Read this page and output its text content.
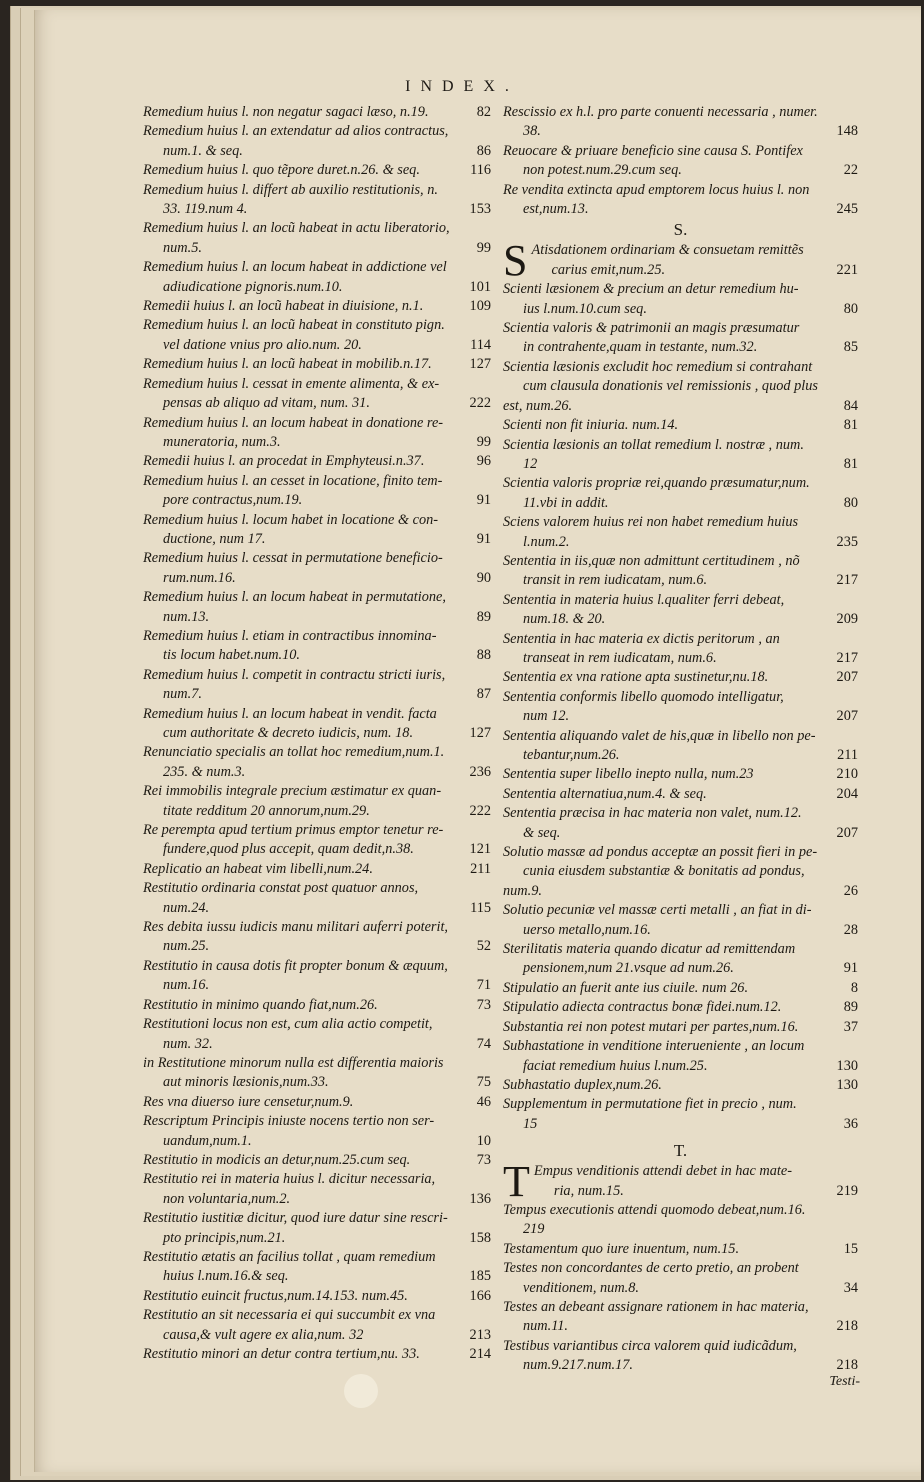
INDEX.
Remedium huius l. non negatur sagaci læso, n.19.	82
Remedium huius l. an extendatur ad alios contractus,
num.1. & seq.	86
Remedium huius l. quo tẽpore duret.n.26. & seq.	116
Remedium huius l. differt ab auxilio restitutionis, n.
33. 119.num 4.	153
Remedium huius l. an locũ habeat in actu liberatorio,
num.5.	99
Remedium huius l. an locum habeat in addictione vel
adiudicatione pignoris.num.10.	101
Remedii huius l. an locũ habeat in diuisione, n.1.	109
Remedium huius l. an locũ habeat in constituto pign.
vel datione vnius pro alio.num. 20.	114
Remedium huius l. an locũ habeat in mobilib.n.17.	127
Remedium huius l. cessat in emente alimenta, & ex-
pensas ab aliquo ad vitam, num. 31.	222
Remedium huius l. an locum habeat in donatione re-
muneratoria, num.3.	99
Remedii huius l. an procedat in Emphyteusi.n.37.	96
Remedium huius l. an cesset in locatione, finito tem-
pore contractus,num.19.	91
Remedium huius l. locum habet in locatione & con-
ductione, num 17.	91
Remedium huius l. cessat in permutatione beneficio-
rum.num.16.	90
Remedium huius l. an locum habeat in permutatione,
num.13.	89
Remedium huius l. etiam in contractibus innomina-
tis locum habet.num.10.	88
Remedium huius l. competit in contractu stricti iuris,
num.7.	87
Remedium huius l. an locum habeat in vendit. facta
cum authoritate & decreto iudicis, num. 18.	127
Renunciatio specialis an tollat hoc remedium,num.1.
235. & num.3.	236
Rei immobilis integrale precium æstimatur ex quan-
titate redditum 20 annorum,num.29.	222
Re perempta apud tertium primus emptor tenetur re-
fundere,quod plus accepit, quam dedit,n.38.	121
Replicatio an habeat vim libelli,num.24.	211
Restitutio ordinaria constat post quatuor annos,
num.24.	115
Res debita iussu iudicis manu militari auferri poterit,
num.25.	52
Restitutio in causa dotis fit propter bonum & æquum,
num.16.	71
Restitutio in minimo quando fiat,num.26.	73
Restitutioni locus non est, cum alia actio competit,
num. 32.	74
in Restitutione minorum nulla est differentia maioris
aut minoris læsionis,num.33.	75
Res vna diuerso iure censetur,num.9.	46
Rescriptum Principis iniuste nocens tertio non ser-
uandum,num.1.	10
Restitutio in modicis an detur,num.25.cum seq.	73
Restitutio rei in materia huius l. dicitur necessaria,
non voluntaria,num.2.	136
Restitutio iustitiæ dicitur, quod iure datur sine rescri-
pto principis,num.21.	158
Restitutio ætatis an facilius tollat , quam remedium
huius l.num.16.& seq.	185
Restitutio euincit fructus,num.14.153. num.45.	166
Restitutio an sit necessaria ei qui succumbit ex vna
causa,& vult agere ex alia,num. 32	213
Restitutio minori an detur contra tertium,nu. 33.	214
Rescissio ex h.l. pro parte conuenti necessaria , numer.
38.	148
Reuocare & priuare beneficio sine causa S. Pontifex
non potest.num.29.cum seq.	22
Re vendita extincta apud emptorem locus huius l. non
est,num.13.	245
S.
S Atisdationem ordinariam & consuetam remittẽs
carius emit,num.25.	221
Scienti læsionem & precium an detur remedium hu-
ius l.num.10.cum seq.	80
Scientia valoris & patrimonii an magis præsumatur
in contrahente,quam in testante, num.32.	85
Scientia læsionis excludit hoc remedium si contrahant
cum clausula donationis vel remissionis , quod plus
est, num.26.	84
Scienti non fit iniuria. num.14.	81
Scientia læsionis an tollat remedium l. nostræ , num.
12	81
Scientia valoris propriæ rei,quando præsumatur,num.
11.vbi in addit.	80
Sciens valorem huius rei non habet remedium huius
l.num.2.	235
Sententia in iis,quæ non admittunt certitudinem , nõ
transit in rem iudicatam, num.6.	217
Sententia in materia huius l.qualiter ferri debeat,
num.18. & 20.	209
Sententia in hac materia ex dictis peritorum , an
transeat in rem iudicatam, num.6.	217
Sententia ex vna ratione apta sustinetur,nu.18.	207
Sententia conformis libello quomodo intelligatur,
num 12.	207
Sententia aliquando valet de his,quæ in libello non pe-
tebantur,num.26.	211
Sententia super libello inepto nulla, num.23	210
Sententia alternatiua,num.4. & seq.	204
Sententia præcisa in hac materia non valet, num.12.
& seq.	207
Solutio massæ ad pondus acceptæ an possit fieri in pe-
cunia eiusdem substantiæ & bonitatis ad pondus,
num.9.	26
Solutio pecuniæ vel massæ certi metalli , an fiat in di-
uerso metallo,num.16.	28
Sterilitatis materia quando dicatur ad remittendam
pensionem,num 21.vsque ad num.26.	91
Stipulatio an fuerit ante ius ciuile. num 26.	8
Stipulatio adiecta contractus bonæ fidei.num.12.	89
Substantia rei non potest mutari per partes,num.16.	37
Subhastatione in venditione interueniente , an locum
faciat remedium huius l.num.25.	130
Subhastatio duplex,num.26.	130
Supplementum in permutatione fiet in precio , num.
15	36
T.
T Empus venditionis attendi debet in hac mate-
ria, num.15.	219
Tempus executionis attendi quomodo debeat,num.16.
219
Testamentum quo iure inuentum, num.15.	15
Testes non concordantes de certo pretio, an probent
venditionem, num.8.	34
Testes an debeant assignare rationem in hac materia,
num.11.	218
Testibus variantibus circa valorem quid iudicãdum,
num.9.217.num.17.	218
Testi-
